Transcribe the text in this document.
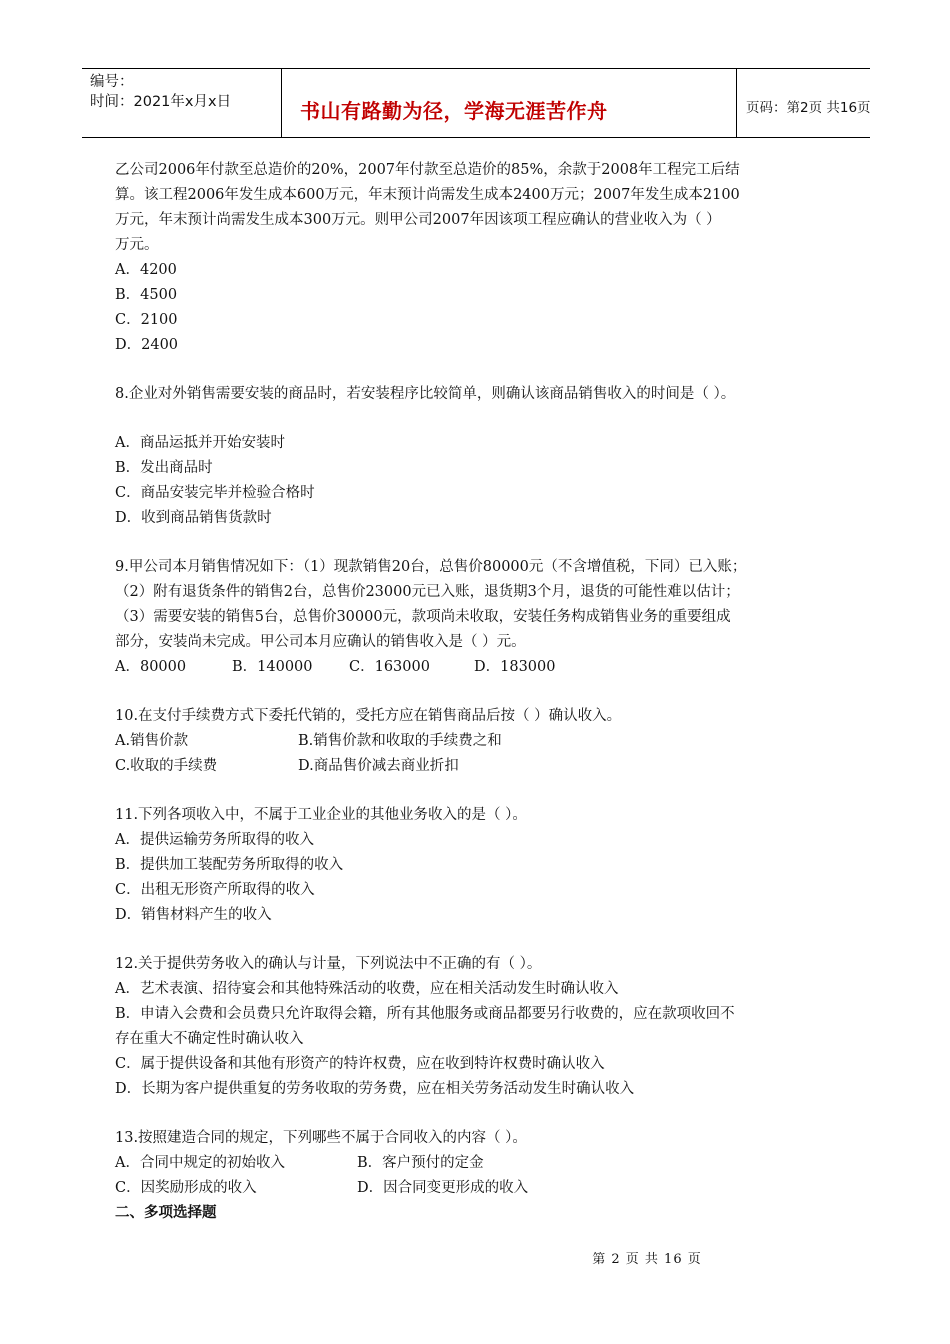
编号：
时间：2021年x月x日	书山有路勤为径，学海无涯苦作舟	页码：第2页 共16页

乙公司2006年付款至总造价的20%，2007年付款至总造价的85%，余款于2008年工程完工后结

算。该工程2006年发生成本600万元，年末预计尚需发生成本2400万元；2007年发生成本2100

万元，年末预计尚需发生成本300万元。则甲公司2007年因该项工程应确认的营业收入为（ ）

万元。

A．4200

B．4500

C．2100

D．2400

8.企业对外销售需要安装的商品时，若安装程序比较简单，则确认该商品销售收入的时间是（ ）。

A．商品运抵并开始安装时

B．发出商品时

C．商品安装完毕并检验合格时

D．收到商品销售货款时

9.甲公司本月销售情况如下：（1）现款销售20台，总售价80000元（不含增值税，下同）已入账；

（2）附有退货条件的销售2台，总售价23000元已入账，退货期3个月，退货的可能性难以估计；

（3）需要安装的销售5台，总售价30000元，款项尚未收取，安装任务构成销售业务的重要组成

部分，安装尚未完成。甲公司本月应确认的销售收入是（ ）元。

A．80000	B．140000	C．163000	D．183000

10.在支付手续费方式下委托代销的，受托方应在销售商品后按（ ）确认收入。

A.销售价款	B.销售价款和收取的手续费之和
C.收取的手续费	D.商品售价减去商业折扣

11.下列各项收入中，不属于工业企业的其他业务收入的是（ ）。

A．提供运输劳务所取得的收入

B．提供加工装配劳务所取得的收入

C．出租无形资产所取得的收入

D．销售材料产生的收入

12.关于提供劳务收入的确认与计量，下列说法中不正确的有（ ）。

A．艺术表演、招待宴会和其他特殊活动的收费，应在相关活动发生时确认收入

B．申请入会费和会员费只允许取得会籍，所有其他服务或商品都要另行收费的，应在款项收回不

存在重大不确定性时确认收入

C．属于提供设备和其他有形资产的特许权费，应在收到特许权费时确认收入

D．长期为客户提供重复的劳务收取的劳务费，应在相关劳务活动发生时确认收入

13.按照建造合同的规定，下列哪些不属于合同收入的内容（ ）。

A．合同中规定的初始收入	B．客户预付的定金
C．因奖励形成的收入	D．因合同变更形成的收入
二、多项选择题
第 2 页 共 16 页
